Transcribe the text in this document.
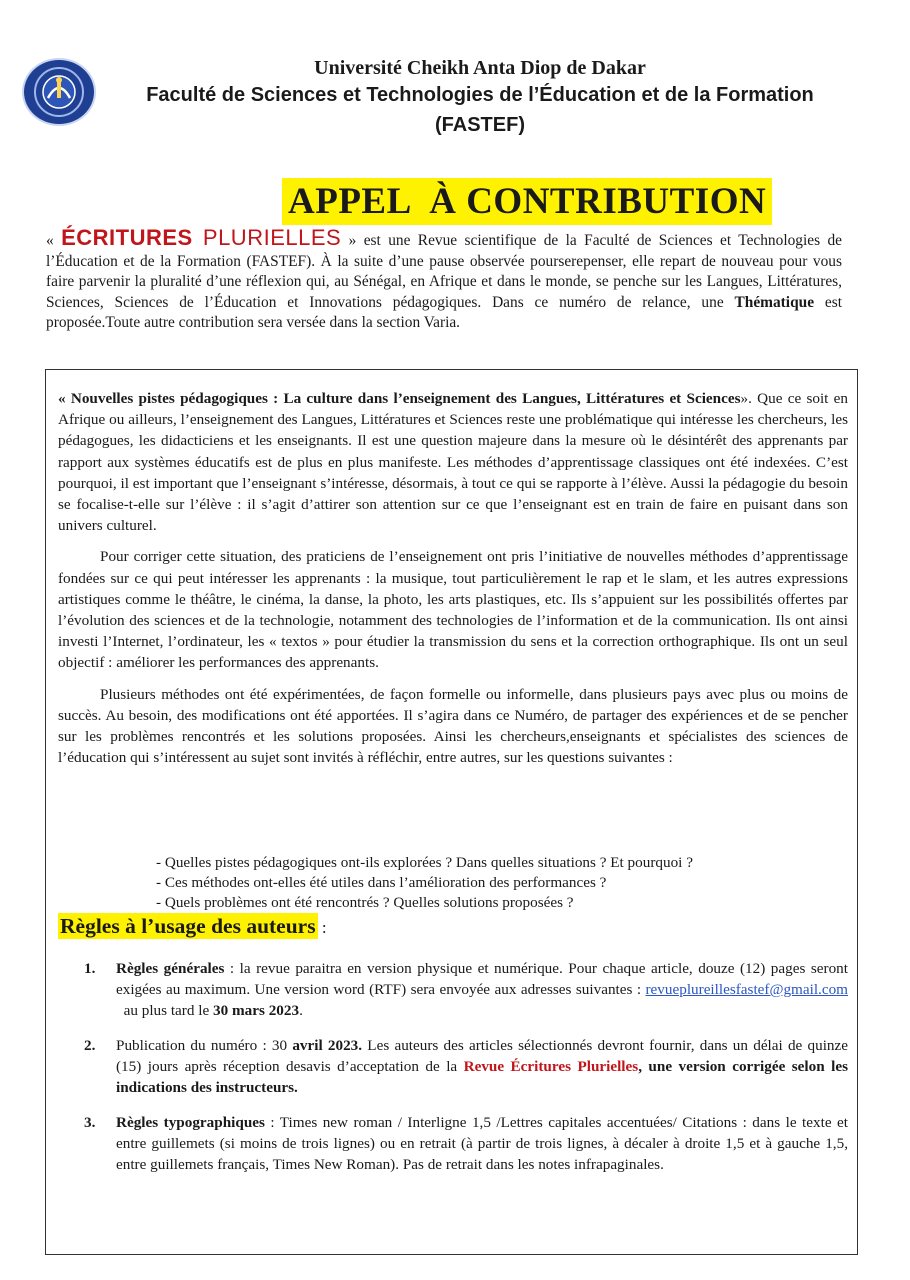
Université Cheikh Anta Diop de Dakar
Faculté de Sciences et Technologies de l’Éducation et de la Formation
(FASTEF)
APPEL  À CONTRIBUTION
« ÉCRITURES PLURIELLES » est une Revue scientifique de la Faculté de Sciences et Technologies de l’Éducation et de la Formation (FASTEF). À la suite d’une pause observée pourserepenser, elle repart de nouveau pour vous faire parvenir la pluralité d’une réflexion qui, au Sénégal, en Afrique et dans le monde, se penche sur les Langues, Littératures, Sciences, Sciences de l’Éducation et Innovations pédagogiques. Dans ce numéro de relance, une Thématique est proposée.Toute autre contribution sera versée dans la section Varia.

« Nouvelles pistes pédagogiques : La culture dans l’enseignement des Langues, Littératures et Sciences». Que ce soit en Afrique ou ailleurs, l’enseignement des Langues, Littératures et Sciences reste une problématique qui intéresse les chercheurs, les pédagogues, les didacticiens et les enseignants. Il est une question majeure dans la mesure où le désintérêt des apprenants par rapport aux systèmes éducatifs est de plus en plus manifeste. Les méthodes d’apprentissage classiques ont été indexées. C’est pourquoi, il est important que l’enseignant s’intéresse, désormais, à tout ce qui se rapporte à l’élève. Aussi la pédagogie du besoin se focalise-t-elle sur l’élève : il s’agit d’attirer son attention sur ce que l’enseignant est en train de faire en puisant dans son univers culturel.

Pour corriger cette situation, des praticiens de l’enseignement ont pris l’initiative de nouvelles méthodes d’apprentissage fondées sur ce qui peut intéresser les apprenants : la musique, tout particulièrement le rap et le slam, et les autres expressions artistiques comme le théâtre, le cinéma, la danse, la photo, les arts plastiques, etc. Ils s’appuient sur les possibilités offertes par l’évolution des sciences et de la technologie, notamment des technologies de l’information et de la communication. Ils ont ainsi investi l’Internet, l’ordinateur, les « textos » pour étudier la transmission du sens et la correction orthographique. Ils ont un seul objectif : améliorer les performances des apprenants.

Plusieurs méthodes ont été expérimentées, de façon formelle ou informelle, dans plusieurs pays avec plus ou moins de succès. Au besoin, des modifications ont été apportées. Il s’agira dans ce Numéro, de partager des expériences et de se pencher sur les problèmes rencontrés et les solutions proposées. Ainsi les chercheurs,enseignants et spécialistes des sciences de l’éducation qui s’intéressent au sujet sont invités à réfléchir, entre autres, sur les questions suivantes :

- Quelles pistes pédagogiques ont-ils explorées ? Dans quelles situations ? Et pourquoi ?
- Ces méthodes ont-elles été utiles dans l’amélioration des performances ?
- Quels problèmes ont été rencontrés ? Quelles solutions proposées ?
Règles à l’usage des auteurs :
1. Règles générales : la revue paraitra en version physique et numérique. Pour chaque article, douze (12) pages seront exigées au maximum. Une version word (RTF) sera envoyée aux adresses suivantes : revueplureillesfastef@gmail.com  au plus tard le 30 mars 2023.
2. Publication du numéro : 30 avril 2023. Les auteurs des articles sélectionnés devront fournir, dans un délai de quinze (15) jours après réception desavis d’acceptation de la Revue Écritures Plurielles, une version corrigée selon les indications des instructeurs.
3. Règles typographiques : Times new roman / Interligne 1,5 /Lettres capitales accentuées/ Citations : dans le texte et entre guillemets (si moins de trois lignes) ou en retrait (à partir de trois lignes, à décaler à droite 1,5 et à gauche 1,5, entre guillemets français, Times New Roman). Pas de retrait dans les notes infrapaginales.
